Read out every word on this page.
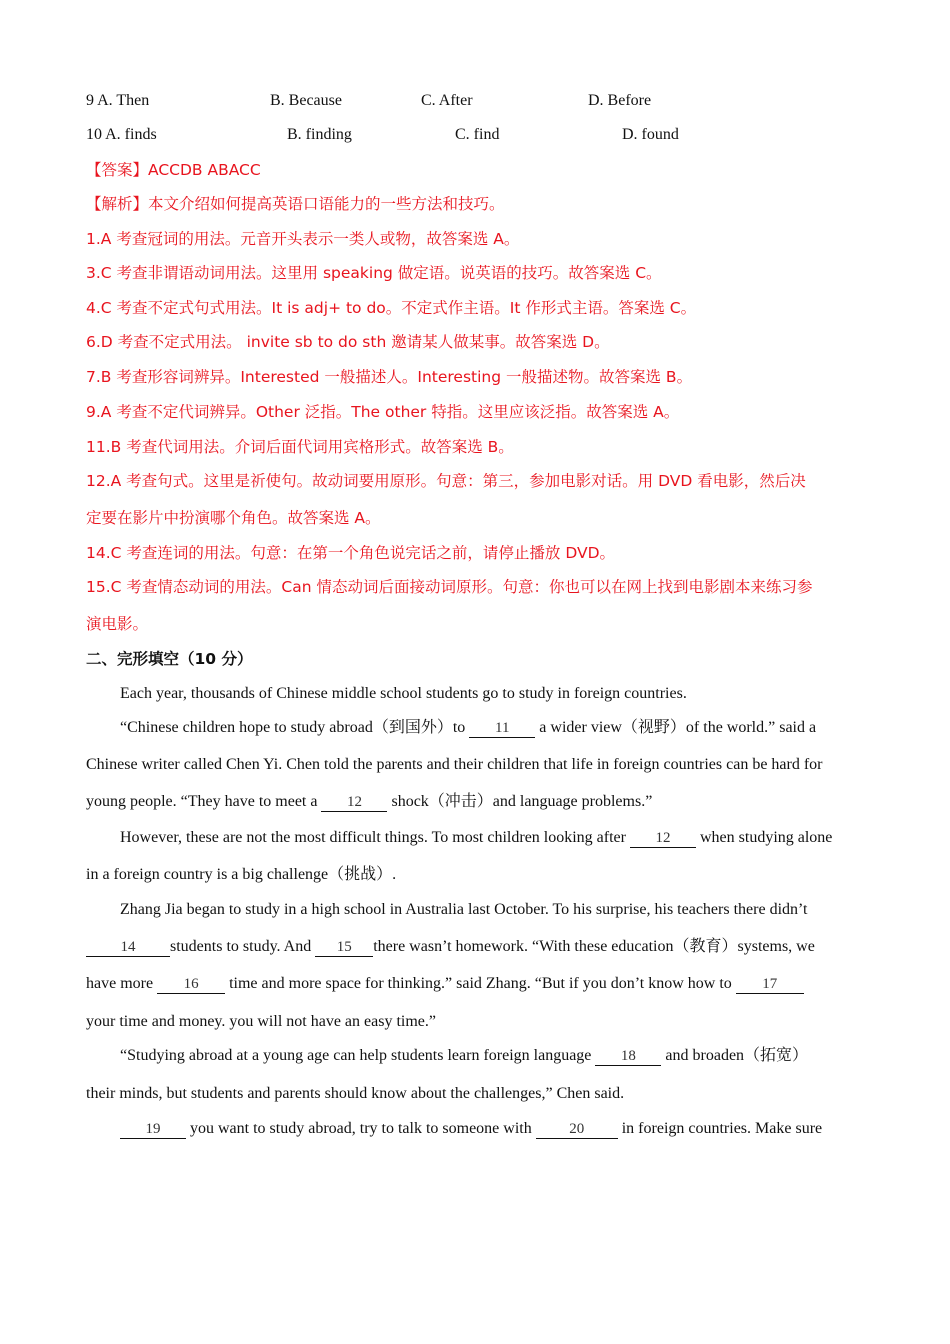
9 A. Then	B. Because	C. After	D. Before
10 A. finds	B. finding	C. find	D. found
【答案】ACCDB ABACC
【解析】本文介绍如何提高英语口语能力的一些方法和技巧。
1.A 考查冠词的用法。元音开头表示一类人或物，故答案选 A。
3.C 考查非谓语动词用法。这里用 speaking 做定语。说英语的技巧。故答案选 C。
4.C 考查不定式句式用法。It is adj+ to do。不定式作主语。It 作形式主语。答案选 C。
6.D 考查不定式用法。 invite sb to do sth 邀请某人做某事。故答案选 D。
7.B 考查形容词辨异。Interested 一般描述人。Interesting 一般描述物。故答案选 B。
9.A 考查不定代词辨异。Other 泛指。The other 特指。这里应该泛指。故答案选 A。
11.B 考查代词用法。介词后面代词用宾格形式。故答案选 B。
12.A 考查句式。这里是祈使句。故动词要用原形。句意：第三，参加电影对话。用 DVD 看电影，然后决
定要在影片中扮演哪个角色。故答案选 A。
14.C 考查连词的用法。句意：在第一个角色说完话之前，请停止播放 DVD。
15.C 考查情态动词的用法。Can 情态动词后面接动词原形。句意：你也可以在网上找到电影剧本来练习参
演电影。
二、完形填空（10 分）
Each year, thousands of Chinese middle school students go to study in foreign countries.
“Chinese children hope to study abroad（到国外）to 11 a wider view（视野）of the world.” said a
Chinese writer called Chen Yi. Chen told the parents and their children that life in foreign countries can be hard for
young people. “They have to meet a 12 shock（冲击）and language problems.”
However, these are not the most difficult things. To most children looking after 12 when studying alone
in a foreign country is a big challenge（挑战）.
Zhang Jia began to study in a high school in Australia last October. To his surprise, his teachers there didn’t
14 students to study. And 15 there wasn’t homework. “With these education（教育）systems, we
have more 16 time and more space for thinking.” said Zhang. “But if you don’t know how to 17
your time and money. you will not have an easy time.”
“Studying abroad at a young age can help students learn foreign language 18 and broaden（拓宽）
their minds, but students and parents should know about the challenges,” Chen said.
19 you want to study abroad, try to talk to someone with 20 in foreign countries. Make sure
